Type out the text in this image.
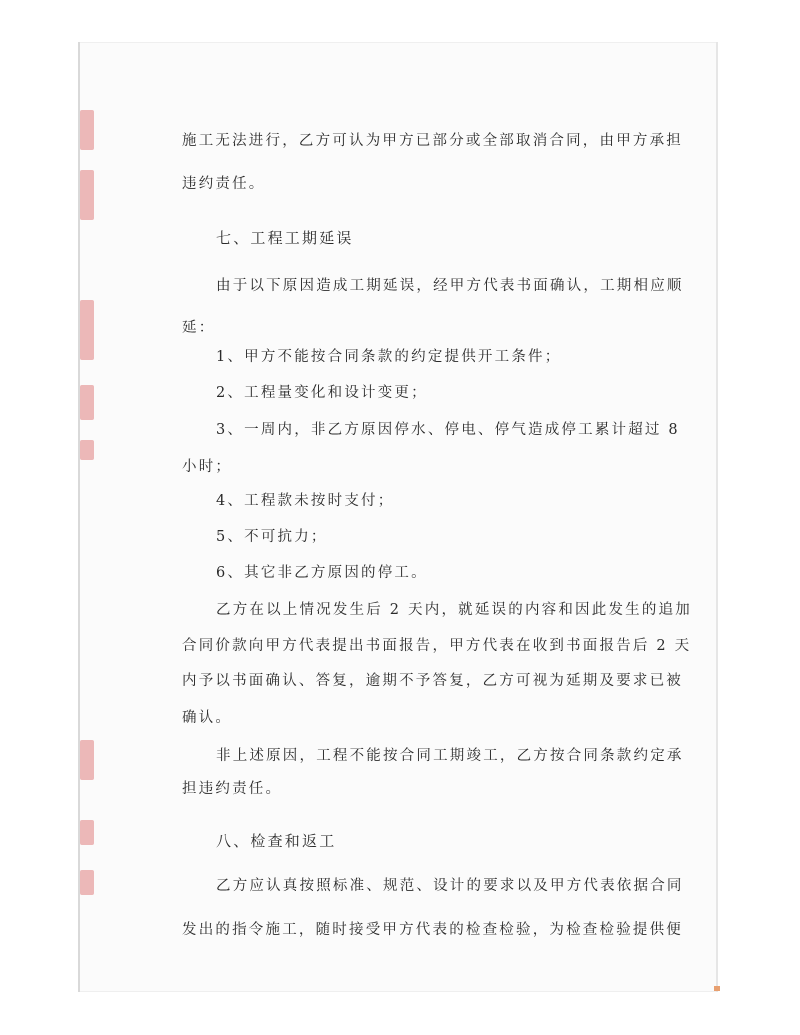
施工无法进行，乙方可认为甲方已部分或全部取消合同，由甲方承担
违约责任。
七、工程工期延误
由于以下原因造成工期延误，经甲方代表书面确认，工期相应顺
延：
1、甲方不能按合同条款的约定提供开工条件；
2、工程量变化和设计变更；
3、一周内，非乙方原因停水、停电、停气造成停工累计超过 8
小时；
4、工程款未按时支付；
5、不可抗力；
6、其它非乙方原因的停工。
乙方在以上情况发生后 2 天内，就延误的内容和因此发生的追加
合同价款向甲方代表提出书面报告，甲方代表在收到书面报告后 2 天
内予以书面确认、答复，逾期不予答复，乙方可视为延期及要求已被
确认。
非上述原因，工程不能按合同工期竣工，乙方按合同条款约定承
担违约责任。
八、检查和返工
乙方应认真按照标准、规范、设计的要求以及甲方代表依据合同
发出的指令施工，随时接受甲方代表的检查检验，为检查检验提供便
